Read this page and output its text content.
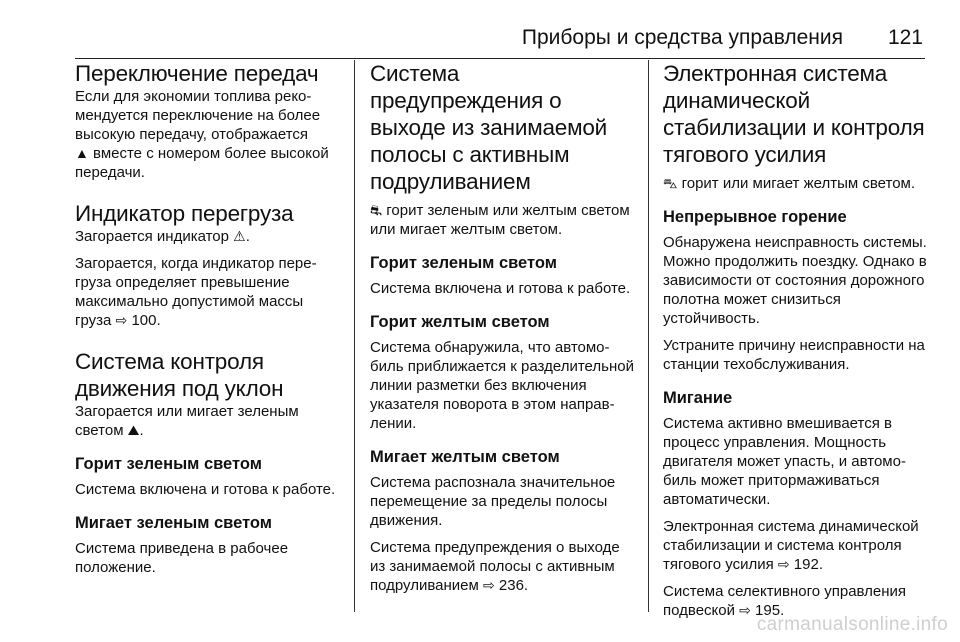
Приборы и средства управления 121
Переключение передач

Если для экономии топлива рекомендуется переключение на более высокую передачу, отображается
▲ вместе с номером более высокой передачи.

Индикатор перегруза

Загорается индикатор ⚠.

Загорается, когда индикатор перегруза определяет превышение максимально допустимой массы груза ⇨ 100.

Система контроля движения под уклон

Загорается или мигает зеленым светом ⛰.

Горит зеленым светом

Система включена и готова к работе.

Мигает зеленым светом

Система приведена в рабочее положение.

Система предупреждения о выходе из занимаемой полосы с активным подруливанием

⛐ горит зеленым или желтым светом или мигает желтым светом.

Горит зеленым светом

Система включена и готова к работе.

Горит желтым светом

Система обнаружила, что автомобиль приближается к разделительной линии разметки без включения указателя поворота в этом направлении.

Мигает желтым светом

Система распознала значительное перемещение за пределы полосы движения.

Система предупреждения о выходе из занимаемой полосы с активным подруливанием ⇨ 236.

Электронная система динамической стабилизации и контроля тягового усилия

⛍ горит или мигает желтым светом.

Непрерывное горение

Обнаружена неисправность системы. Можно продолжить поездку. Однако в зависимости от состояния дорожного полотна может снизиться устойчивость.

Устраните причину неисправности на станции техобслуживания.

Мигание

Система активно вмешивается в процесс управления. Мощность двигателя может упасть, и автомобиль может притормаживаться автоматически.

Электронная система динамической стабилизации и система контроля тягового усилия ⇨ 192.

Система селективного управления подвеской ⇨ 195.

carmanualsonline.info
